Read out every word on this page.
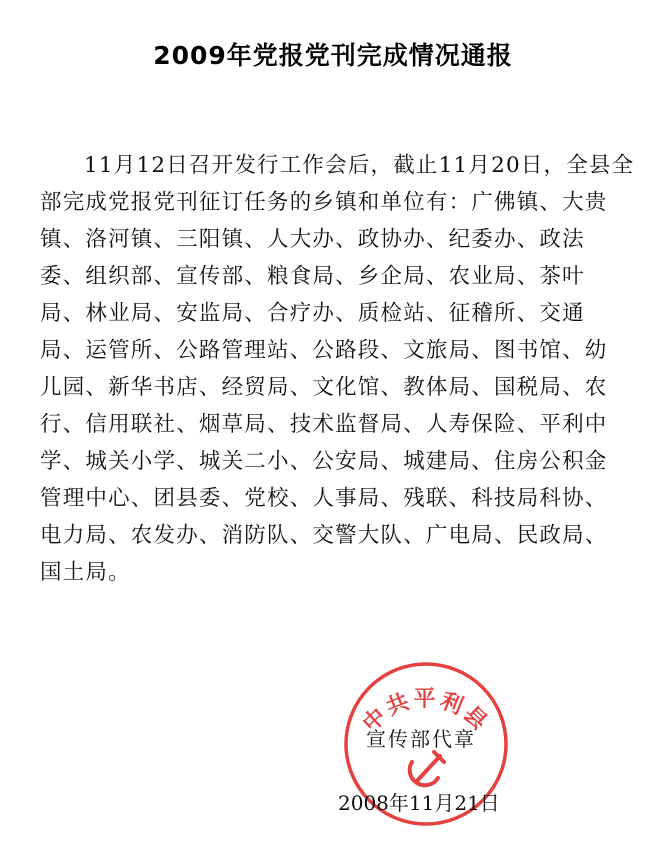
2009年党报党刊完成情况通报
11月12日召开发行工作会后，截止11月20日，全县全
部完成党报党刊征订任务的乡镇和单位有：广佛镇、大贵
镇、洛河镇、三阳镇、人大办、政协办、纪委办、政法
委、组织部、宣传部、粮食局、乡企局、农业局、茶叶
局、林业局、安监局、合疗办、质检站、征稽所、交通
局、运管所、公路管理站、公路段、文旅局、图书馆、幼
儿园、新华书店、经贸局、文化馆、教体局、国税局、农
行、信用联社、烟草局、技术监督局、人寿保险、平利中
学、城关小学、城关二小、公安局、城建局、住房公积金
管理中心、团县委、党校、人事局、残联、科技局科协、
电力局、农发办、消防队、交警大队、广电局、民政局、
国土局。
中共平利县
宣传部代章
2008年11月21日
